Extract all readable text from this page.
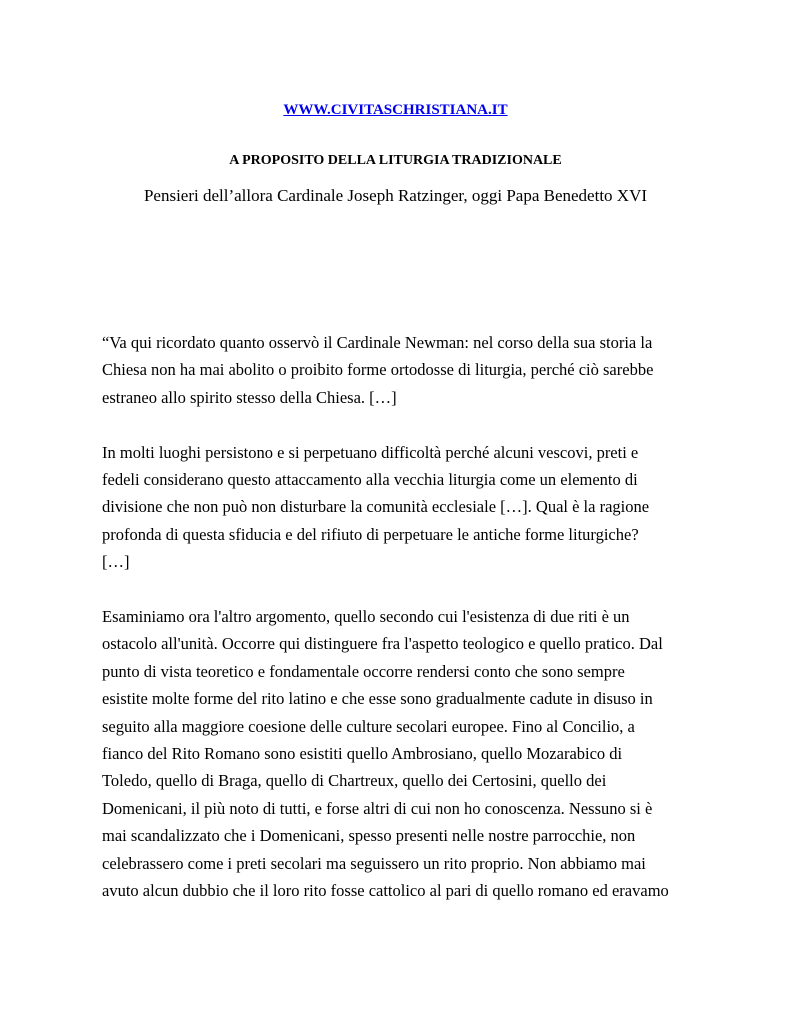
WWW.CIVITASCHRISTIANA.IT
A PROPOSITO DELLA LITURGIA TRADIZIONALE
Pensieri dell’allora Cardinale Joseph Ratzinger, oggi Papa Benedetto XVI

“Va qui ricordato quanto osservò il Cardinale Newman: nel corso della sua storia la
Chiesa non ha mai abolito o proibito forme ortodosse di liturgia, perché ciò sarebbe
estraneo allo spirito stesso della Chiesa. […]

In molti luoghi persistono e si perpetuano difficoltà perché alcuni vescovi, preti e
fedeli considerano questo attaccamento alla vecchia liturgia come un elemento di
divisione che non può non disturbare la comunità ecclesiale […]. Qual è la ragione
profonda di questa sfiducia e del rifiuto di perpetuare le antiche forme liturgiche?
[…]

Esaminiamo ora l'altro argomento, quello secondo cui l'esistenza di due riti è un
ostacolo all'unità. Occorre qui distinguere fra l'aspetto teologico e quello pratico. Dal
punto di vista teoretico e fondamentale occorre rendersi conto che sono sempre
esistite molte forme del rito latino e che esse sono gradualmente cadute in disuso in
seguito alla maggiore coesione delle culture secolari europee. Fino al Concilio, a
fianco del Rito Romano sono esistiti quello Ambrosiano, quello Mozarabico di
Toledo, quello di Braga, quello di Chartreux, quello dei Certosini, quello dei
Domenicani, il più noto di tutti, e forse altri di cui non ho conoscenza. Nessuno si è
mai scandalizzato che i Domenicani, spesso presenti nelle nostre parrocchie, non
celebrassero come i preti secolari ma seguissero un rito proprio. Non abbiamo mai
avuto alcun dubbio che il loro rito fosse cattolico al pari di quello romano ed eravamo
